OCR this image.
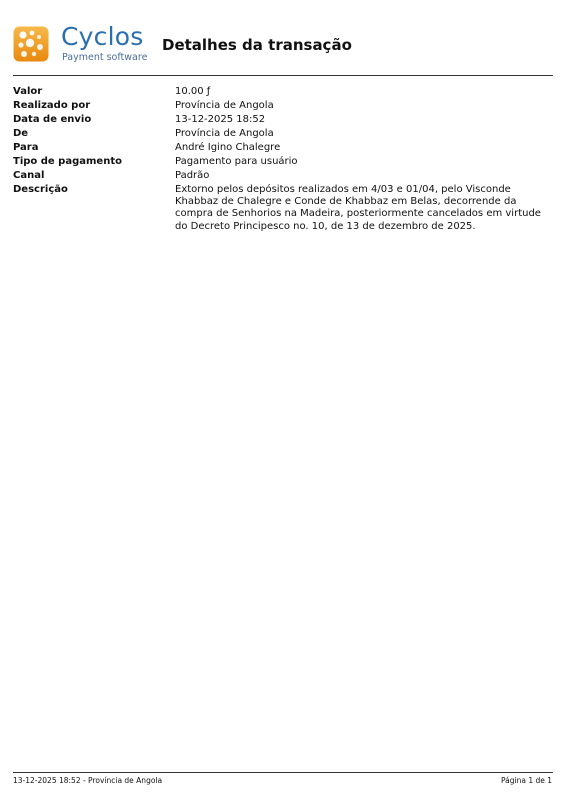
Cyclos
Payment software
Detalhes da transação
Valor	10.00 ƒ
Realizado por	Província de Angola
Data de envio	13-12-2025 18:52
De	Província de Angola
Para	André Igino Chalegre
Tipo de pagamento	Pagamento para usuário
Canal	Padrão
Descrição	Extorno pelos depósitos realizados em 4/03 e 01/04, pelo Visconde Khabbaz de Chalegre e Conde de Khabbaz em Belas, decorrende da compra de Senhorios na Madeira, posteriormente cancelados em virtude do Decreto Principesco no. 10, de 13 de dezembro de 2025.
13-12-2025 18:52 - Província de Angola	Página 1 de 1
